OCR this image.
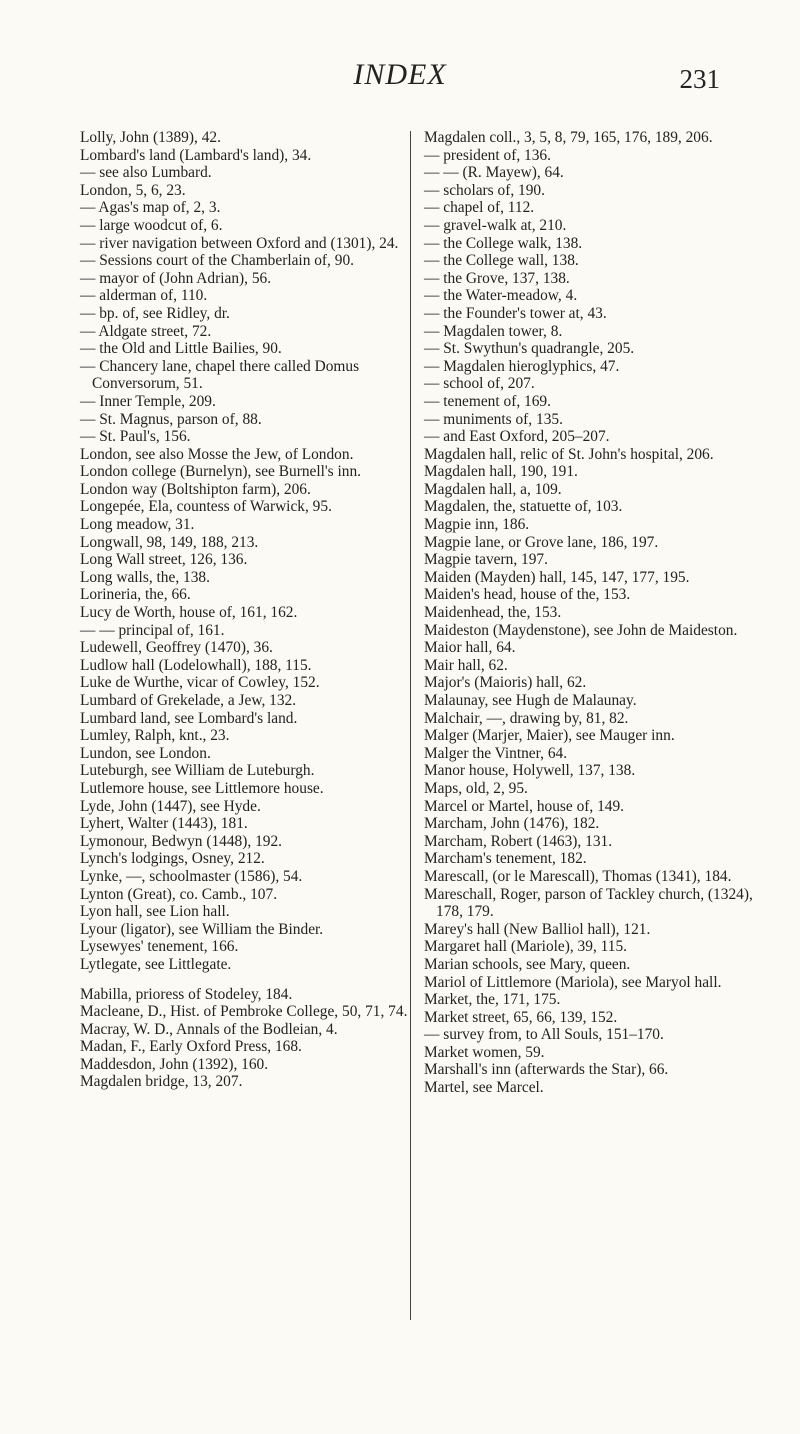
INDEX	231

Lolly, John (1389), 42.

Lombard's land (Lambard's land), 34.

— see also Lumbard.

London, 5, 6, 23.

— Agas's map of, 2, 3.

— large woodcut of, 6.

— river navigation between Oxford and (1301), 24.

— Sessions court of the Chamberlain of, 90.

— mayor of (John Adrian), 56.

— alderman of, 110.

— bp. of, see Ridley, dr.

— Aldgate street, 72.

— the Old and Little Bailies, 90.

— Chancery lane, chapel there called Domus Conversorum, 51.

— Inner Temple, 209.

— St. Magnus, parson of, 88.

— St. Paul's, 156.

London, see also Mosse the Jew, of London.

London college (Burnelyn), see Burnell's inn.

London way (Boltshipton farm), 206.

Longepée, Ela, countess of Warwick, 95.

Long meadow, 31.

Longwall, 98, 149, 188, 213.

Long Wall street, 126, 136.

Long walls, the, 138.

Lorineria, the, 66.

Lucy de Worth, house of, 161, 162.

— — principal of, 161.

Ludewell, Geoffrey (1470), 36.

Ludlow hall (Lodelowhall), 188, 115.

Luke de Wurthe, vicar of Cowley, 152.

Lumbard of Grekelade, a Jew, 132.

Lumbard land, see Lombard's land.

Lumley, Ralph, knt., 23.

Lundon, see London.

Luteburgh, see William de Luteburgh.

Lutlemore house, see Littlemore house.

Lyde, John (1447), see Hyde.

Lyhert, Walter (1443), 181.

Lymonour, Bedwyn (1448), 192.

Lynch's lodgings, Osney, 212.

Lynke, —, schoolmaster (1586), 54.

Lynton (Great), co. Camb., 107.

Lyon hall, see Lion hall.

Lyour (ligator), see William the Binder.

Lysewyes' tenement, 166.

Lytlegate, see Littlegate.

Mabilla, prioress of Stodeley, 184.

Macleane, D., Hist. of Pembroke College, 50, 71, 74.

Macray, W. D., Annals of the Bodleian, 4.

Madan, F., Early Oxford Press, 168.

Maddesdon, John (1392), 160.

Magdalen bridge, 13, 207.

Magdalen coll., 3, 5, 8, 79, 165, 176, 189, 206.

— president of, 136.

— — (R. Mayew), 64.

— scholars of, 190.

— chapel of, 112.

— gravel-walk at, 210.

— the College walk, 138.

— the College wall, 138.

— the Grove, 137, 138.

— the Water-meadow, 4.

— the Founder's tower at, 43.

— Magdalen tower, 8.

— St. Swythun's quadrangle, 205.

— Magdalen hieroglyphics, 47.

— school of, 207.

— tenement of, 169.

— muniments of, 135.

— and East Oxford, 205–207.

Magdalen hall, relic of St. John's hospital, 206.

Magdalen hall, 190, 191.

Magdalen hall, a, 109.

Magdalen, the, statuette of, 103.

Magpie inn, 186.

Magpie lane, or Grove lane, 186, 197.

Magpie tavern, 197.

Maiden (Mayden) hall, 145, 147, 177, 195.

Maiden's head, house of the, 153.

Maidenhead, the, 153.

Maideston (Maydenstone), see John de Maideston.

Maior hall, 64.

Mair hall, 62.

Major's (Maioris) hall, 62.

Malaunay, see Hugh de Malaunay.

Malchair, —, drawing by, 81, 82.

Malger (Marjer, Maier), see Mauger inn.

Malger the Vintner, 64.

Manor house, Holywell, 137, 138.

Maps, old, 2, 95.

Marcel or Martel, house of, 149.

Marcham, John (1476), 182.

Marcham, Robert (1463), 131.

Marcham's tenement, 182.

Marescall, (or le Marescall), Thomas (1341), 184.

Mareschall, Roger, parson of Tackley church, (1324), 178, 179.

Marey's hall (New Balliol hall), 121.

Margaret hall (Mariole), 39, 115.

Marian schools, see Mary, queen.

Mariol of Littlemore (Mariola), see Maryol hall.

Market, the, 171, 175.

Market street, 65, 66, 139, 152.

— survey from, to All Souls, 151–170.

Market women, 59.

Marshall's inn (afterwards the Star), 66.

Martel, see Marcel.
